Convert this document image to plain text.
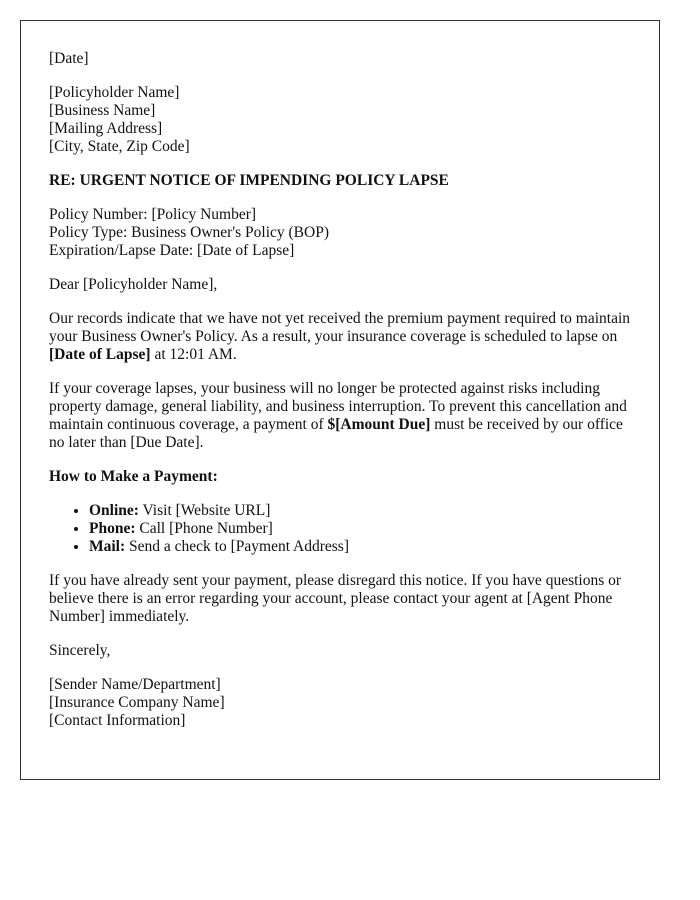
[Date]

[Policyholder Name]
[Business Name]
[Mailing Address]
[City, State, Zip Code]

RE: URGENT NOTICE OF IMPENDING POLICY LAPSE

Policy Number: [Policy Number]
Policy Type: Business Owner's Policy (BOP)
Expiration/Lapse Date: [Date of Lapse]

Dear [Policyholder Name],

Our records indicate that we have not yet received the premium payment required to maintain your Business Owner's Policy. As a result, your insurance coverage is scheduled to lapse on [Date of Lapse] at 12:01 AM.

If your coverage lapses, your business will no longer be protected against risks including property damage, general liability, and business interruption. To prevent this cancellation and maintain continuous coverage, a payment of $[Amount Due] must be received by our office no later than [Due Date].

How to Make a Payment:

• Online: Visit [Website URL]
• Phone: Call [Phone Number]
• Mail: Send a check to [Payment Address]

If you have already sent your payment, please disregard this notice. If you have questions or believe there is an error regarding your account, please contact your agent at [Agent Phone Number] immediately.

Sincerely,

[Sender Name/Department]
[Insurance Company Name]
[Contact Information]
